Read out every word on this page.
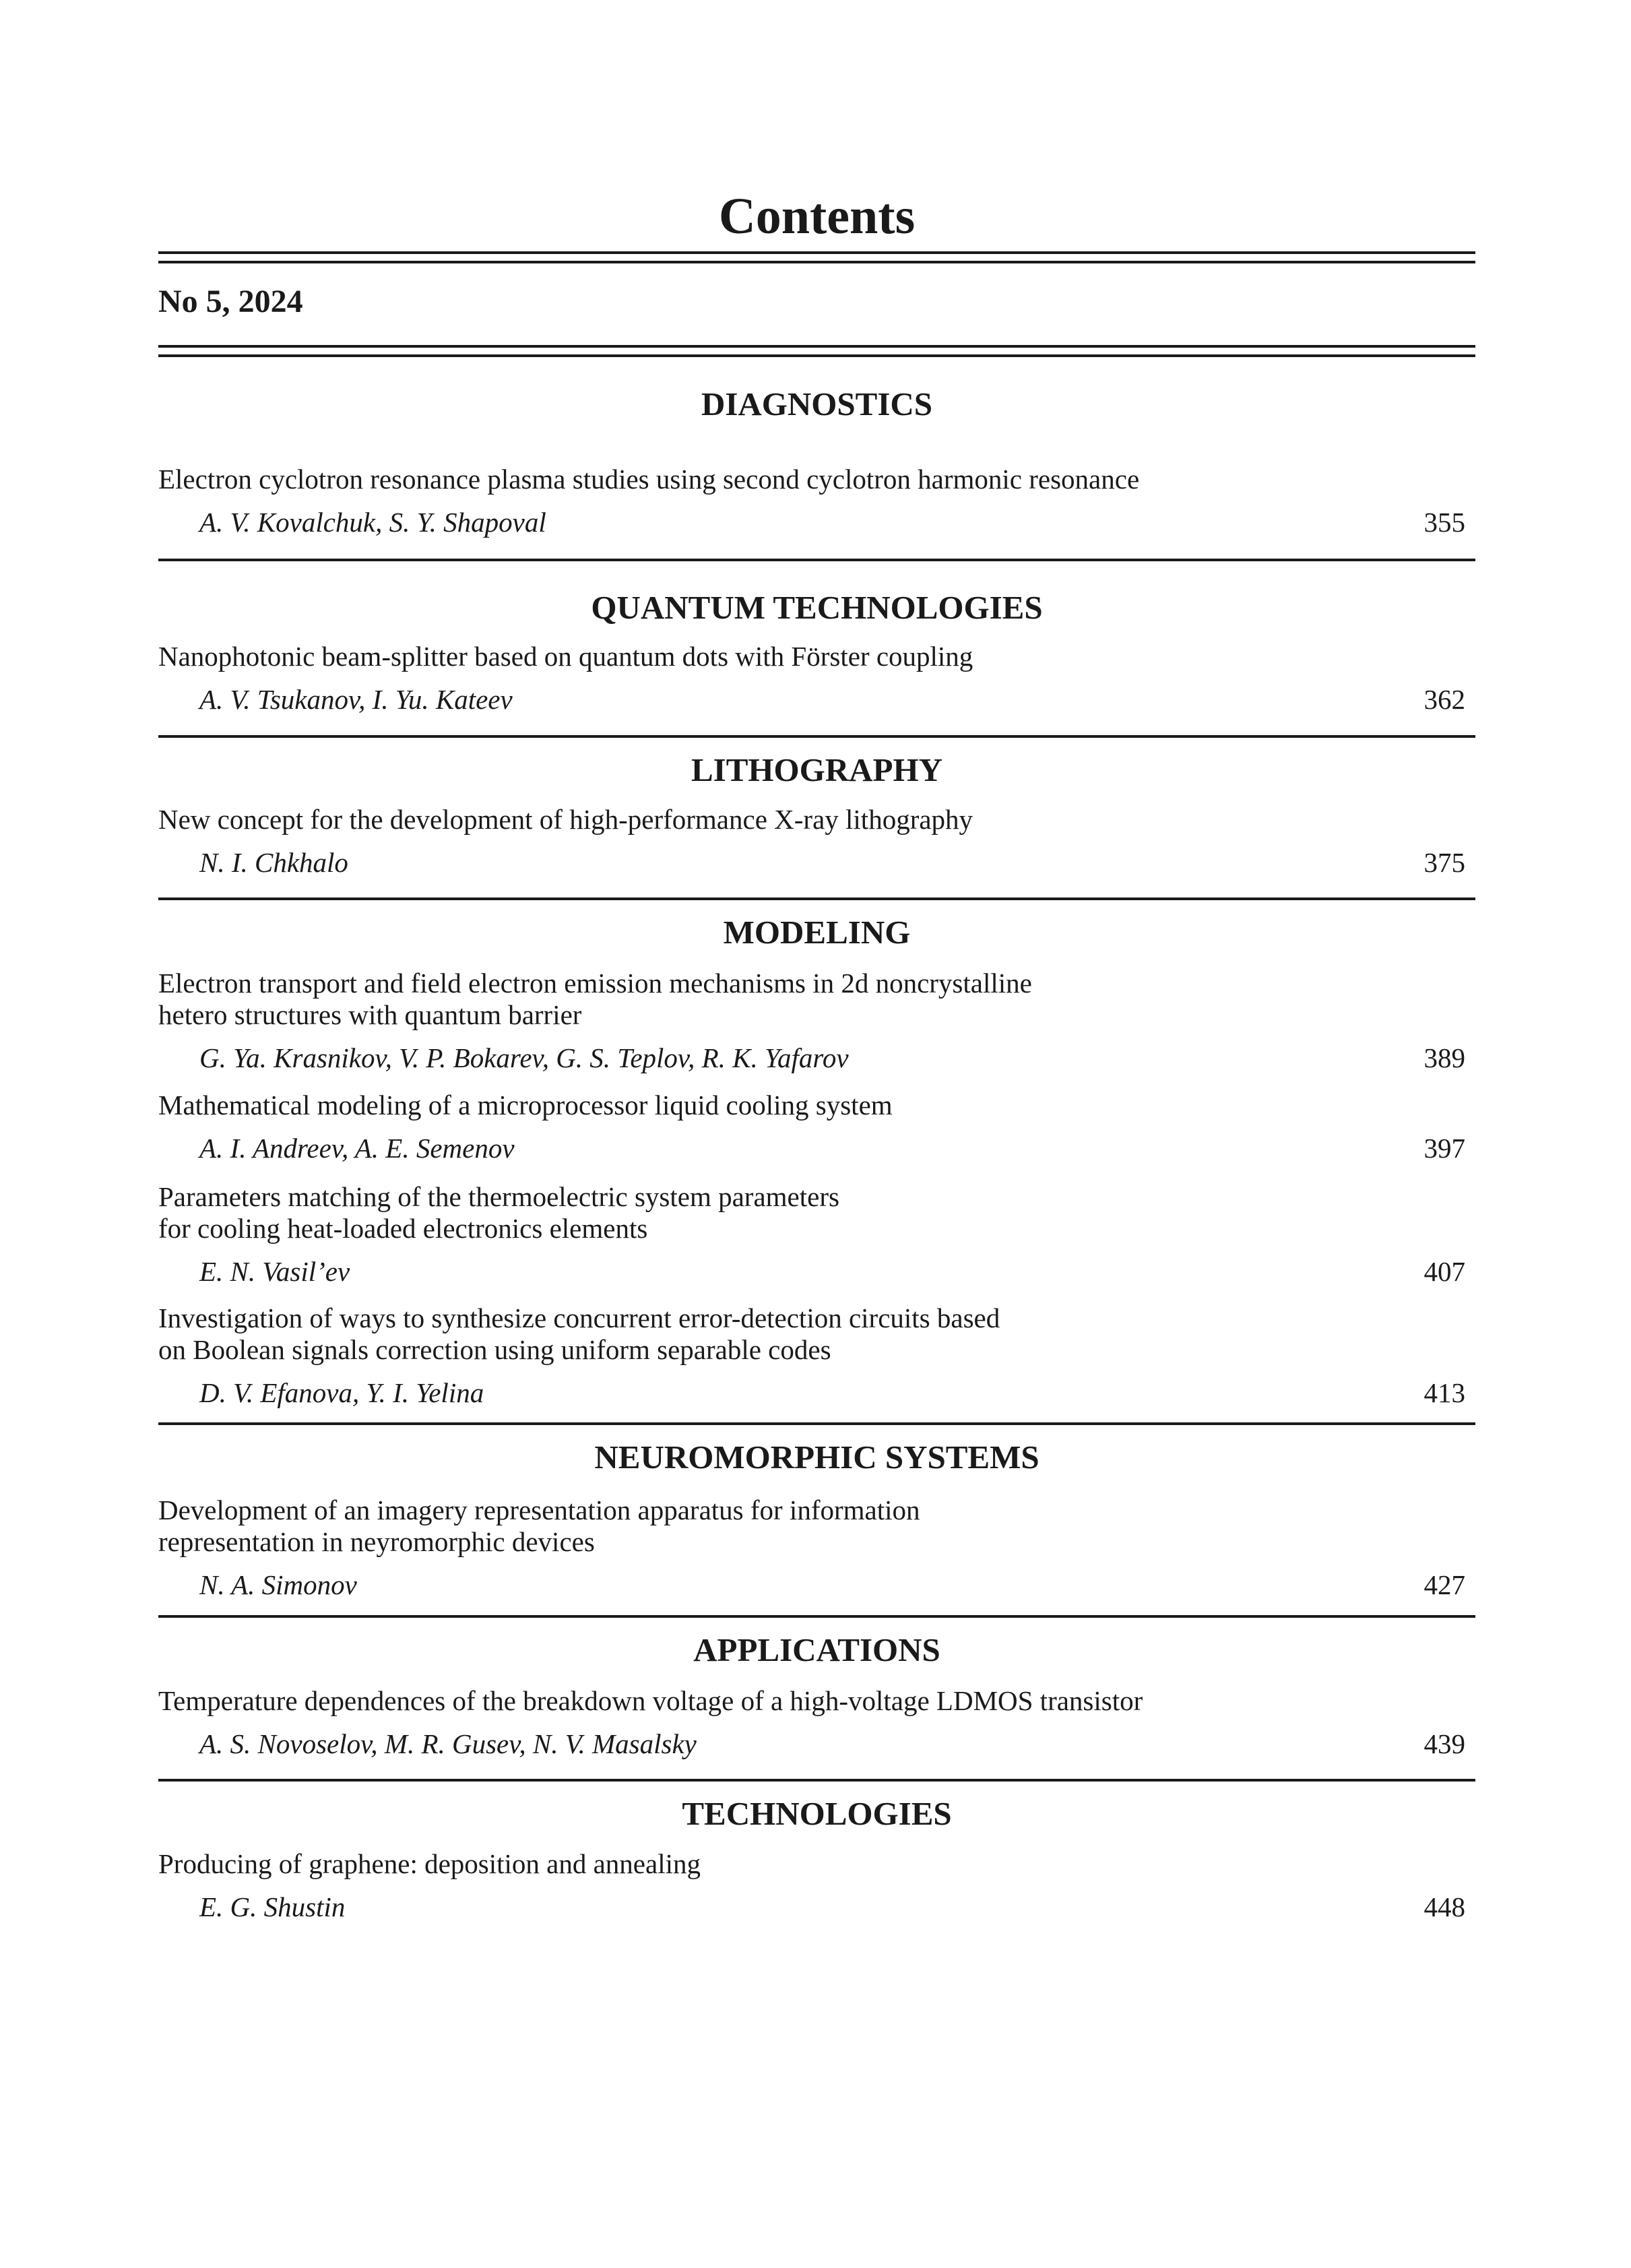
Contents
No 5, 2024
DIAGNOSTICS

Electron cyclotron resonance plasma studies using second cyclotron harmonic resonance

A. V. Kovalchuk, S. Y. Shapoval	355
QUANTUM TECHNOLOGIES

Nanophotonic beam-splitter based on quantum dots with Förster coupling

A. V. Tsukanov, I. Yu. Kateev	362
LITHOGRAPHY

New concept for the development of high-performance X-ray lithography

N. I. Chkhalo	375
MODELING

Electron transport and field electron emission mechanisms in 2d noncrystalline
hetero structures with quantum barrier

G. Ya. Krasnikov, V. P. Bokarev, G. S. Teplov, R. K. Yafarov	389

Mathematical modeling of a microprocessor liquid cooling system

A. I. Andreev, A. E. Semenov	397

Parameters matching of the thermoelectric system parameters
for cooling heat-loaded electronics elements

E. N. Vasil’ev	407

Investigation of ways to synthesize concurrent error-detection circuits based
on Boolean signals correction using uniform separable codes

D. V. Efanova, Y. I. Yelina	413
NEUROMORPHIC SYSTEMS

Development of an imagery representation apparatus for information
representation in neyromorphic devices

N. A. Simonov	427
APPLICATIONS

Temperature dependences of the breakdown voltage of a high-voltage LDMOS transistor

A. S. Novoselov, M. R. Gusev, N. V. Masalsky	439
TECHNOLOGIES

Producing of graphene: deposition and annealing

E. G. Shustin	448
